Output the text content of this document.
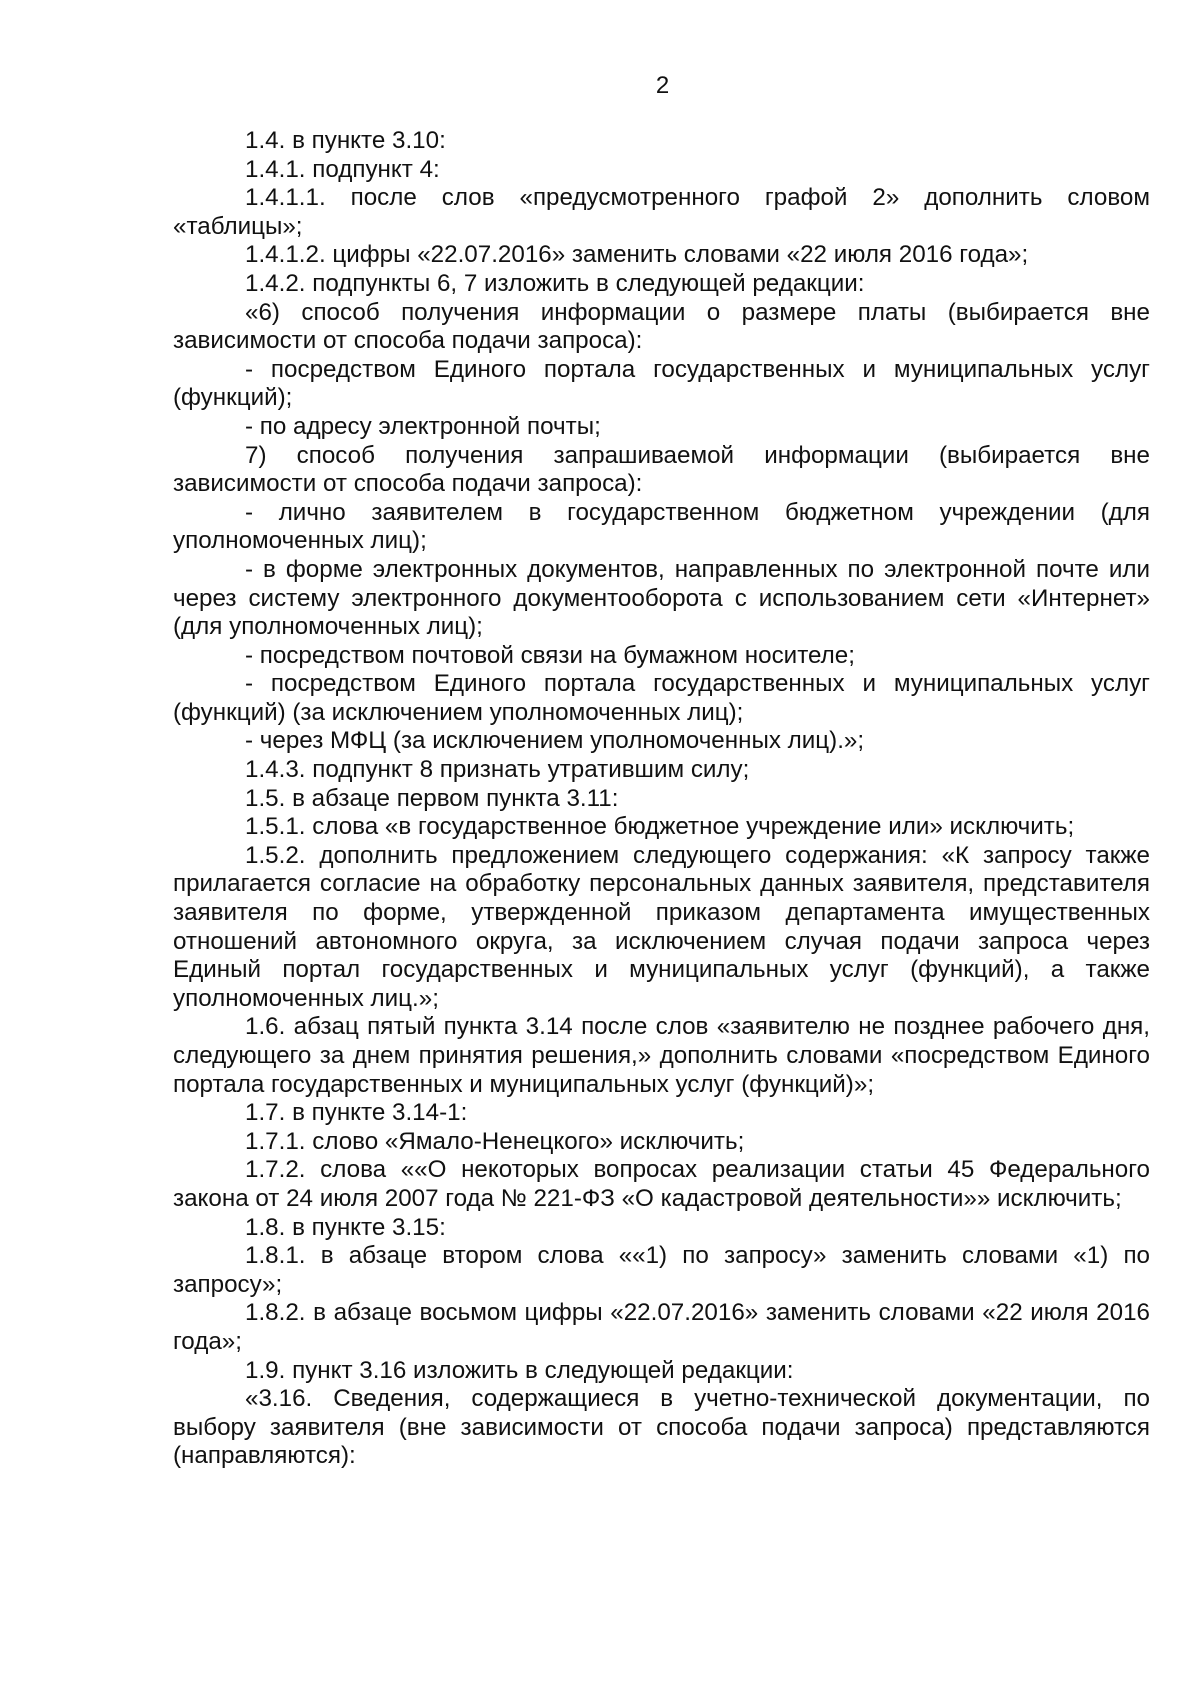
2

1.4. в пункте 3.10:

1.4.1. подпункт 4:

1.4.1.1. после слов «предусмотренного графой 2» дополнить словом «таблицы»;

1.4.1.2. цифры «22.07.2016» заменить словами «22 июля 2016 года»;

1.4.2. подпункты 6, 7 изложить в следующей редакции:

«6) способ получения информации о размере платы (выбирается вне зависимости от способа подачи запроса):

- посредством Единого портала государственных и муниципальных услуг (функций);

- по адресу электронной почты;

7) способ получения запрашиваемой информации (выбирается вне зависимости от способа подачи запроса):

- лично заявителем в государственном бюджетном учреждении (для уполномоченных лиц);

- в форме электронных документов, направленных по электронной почте или через систему электронного документооборота с использованием сети «Интернет» (для уполномоченных лиц);

- посредством почтовой связи на бумажном носителе;

- посредством Единого портала государственных и муниципальных услуг (функций) (за исключением уполномоченных лиц);

- через МФЦ (за исключением уполномоченных лиц).»;

1.4.3. подпункт 8 признать утратившим силу;

1.5. в абзаце первом пункта 3.11:

1.5.1. слова «в государственное бюджетное учреждение или» исключить;

1.5.2. дополнить предложением следующего содержания: «К запросу также прилагается согласие на обработку персональных данных заявителя, представителя заявителя по форме, утвержденной приказом департамента имущественных отношений автономного округа, за исключением случая подачи запроса через Единый портал государственных и муниципальных услуг (функций), а также уполномоченных лиц.»;

1.6. абзац пятый пункта 3.14 после слов «заявителю не позднее рабочего дня, следующего за днем принятия решения,» дополнить словами «посредством Единого портала государственных и муниципальных услуг (функций)»;

1.7. в пункте 3.14-1:

1.7.1. слово «Ямало-Ненецкого» исключить;

1.7.2. слова ««О некоторых вопросах реализации статьи 45 Федерального закона от 24 июля 2007 года № 221-ФЗ «О кадастровой деятельности»» исключить;

1.8. в пункте 3.15:

1.8.1. в абзаце втором слова ««1) по запросу» заменить словами «1) по запросу»;

1.8.2. в абзаце восьмом цифры «22.07.2016» заменить словами «22 июля 2016 года»;

1.9. пункт 3.16 изложить в следующей редакции:

«3.16. Сведения, содержащиеся в учетно-технической документации, по выбору заявителя (вне зависимости от способа подачи запроса) представляются (направляются):
